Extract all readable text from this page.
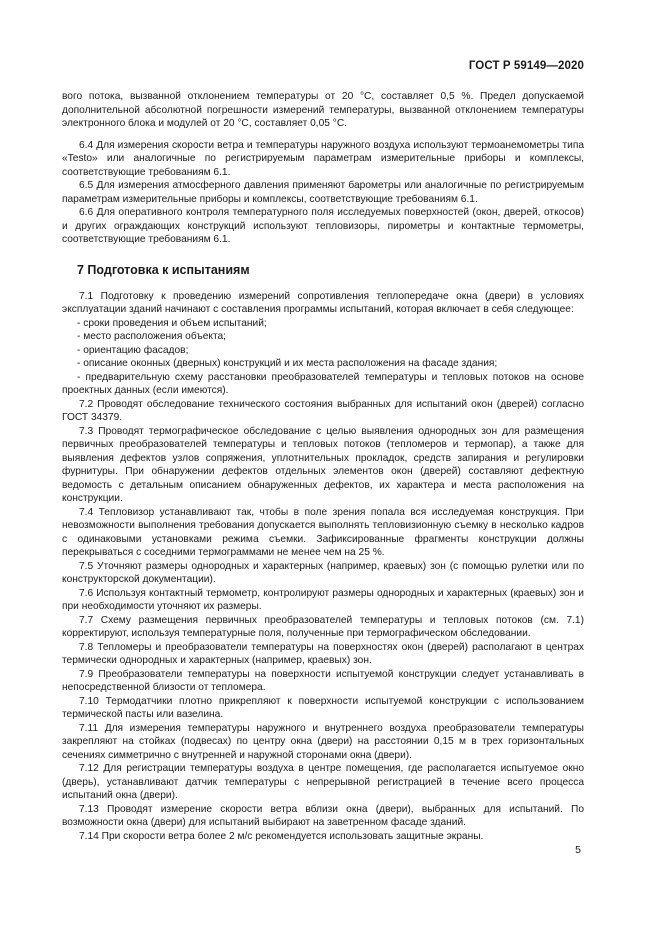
ГОСТ Р 59149—2020

вого потока, вызванной отклонением температуры от 20 °С, составляет 0,5 %. Предел допускаемой дополнительной абсолютной погрешности измерений температуры, вызванной отклонением температуры электронного блока и модулей от 20 °С, составляет 0,05 °С.

6.4 Для измерения скорости ветра и температуры наружного воздуха используют термоанемометры типа «Testo» или аналогичные по регистрируемым параметрам измерительные приборы и комплексы, соответствующие требованиям 6.1.

6.5 Для измерения атмосферного давления применяют барометры или аналогичные по регистрируемым параметрам измерительные приборы и комплексы, соответствующие требованиям 6.1.

6.6 Для оперативного контроля температурного поля исследуемых поверхностей (окон, дверей, откосов) и других ограждающих конструкций используют тепловизоры, пирометры и контактные термометры, соответствующие требованиям 6.1.

7 Подготовка к испытаниям

7.1 Подготовку к проведению измерений сопротивления теплопередаче окна (двери) в условиях эксплуатации зданий начинают с составления программы испытаний, которая включает в себя следующее:

- сроки проведения и объем испытаний;

- место расположения объекта;

- ориентацию фасадов;

- описание оконных (дверных) конструкций и их места расположения на фасаде здания;

- предварительную схему расстановки преобразователей температуры и тепловых потоков на основе проектных данных (если имеются).

7.2 Проводят обследование технического состояния выбранных для испытаний окон (дверей) согласно ГОСТ 34379.

7.3 Проводят термографическое обследование с целью выявления однородных зон для размещения первичных преобразователей температуры и тепловых потоков (тепломеров и термопар), а также для выявления дефектов узлов сопряжения, уплотнительных прокладок, средств запирания и регулировки фурнитуры. При обнаружении дефектов отдельных элементов окон (дверей) составляют дефектную ведомость с детальным описанием обнаруженных дефектов, их характера и места расположения на конструкции.

7.4 Тепловизор устанавливают так, чтобы в поле зрения попала вся исследуемая конструкция. При невозможности выполнения требования допускается выполнять тепловизионную съемку в несколько кадров с одинаковыми установками режима съемки. Зафиксированные фрагменты конструкции должны перекрываться с соседними термограммами не менее чем на 25 %.

7.5 Уточняют размеры однородных и характерных (например, краевых) зон (с помощью рулетки или по конструкторской документации).

7.6 Используя контактный термометр, контролируют размеры однородных и характерных (краевых) зон и при необходимости уточняют их размеры.

7.7 Схему размещения первичных преобразователей температуры и тепловых потоков (см. 7.1) корректируют, используя температурные поля, полученные при термографическом обследовании.

7.8 Тепломеры и преобразователи температуры на поверхностях окон (дверей) располагают в центрах термически однородных и характерных (например, краевых) зон.

7.9 Преобразователи температуры на поверхности испытуемой конструкции следует устанавливать в непосредственной близости от тепломера.

7.10 Термодатчики плотно прикрепляют к поверхности испытуемой конструкции с использованием термической пасты или вазелина.

7.11 Для измерения температуры наружного и внутреннего воздуха преобразователи температуры закрепляют на стойках (подвесах) по центру окна (двери) на расстоянии 0,15 м в трех горизонтальных сечениях симметрично с внутренней и наружной сторонами окна (двери).

7.12 Для регистрации температуры воздуха в центре помещения, где располагается испытуемое окно (дверь), устанавливают датчик температуры с непрерывной регистрацией в течение всего процесса испытаний окна (двери).

7.13 Проводят измерение скорости ветра вблизи окна (двери), выбранных для испытаний. По возможности окна (двери) для испытаний выбирают на заветренном фасаде зданий.

7.14 При скорости ветра более 2 м/с рекомендуется использовать защитные экраны.

5
